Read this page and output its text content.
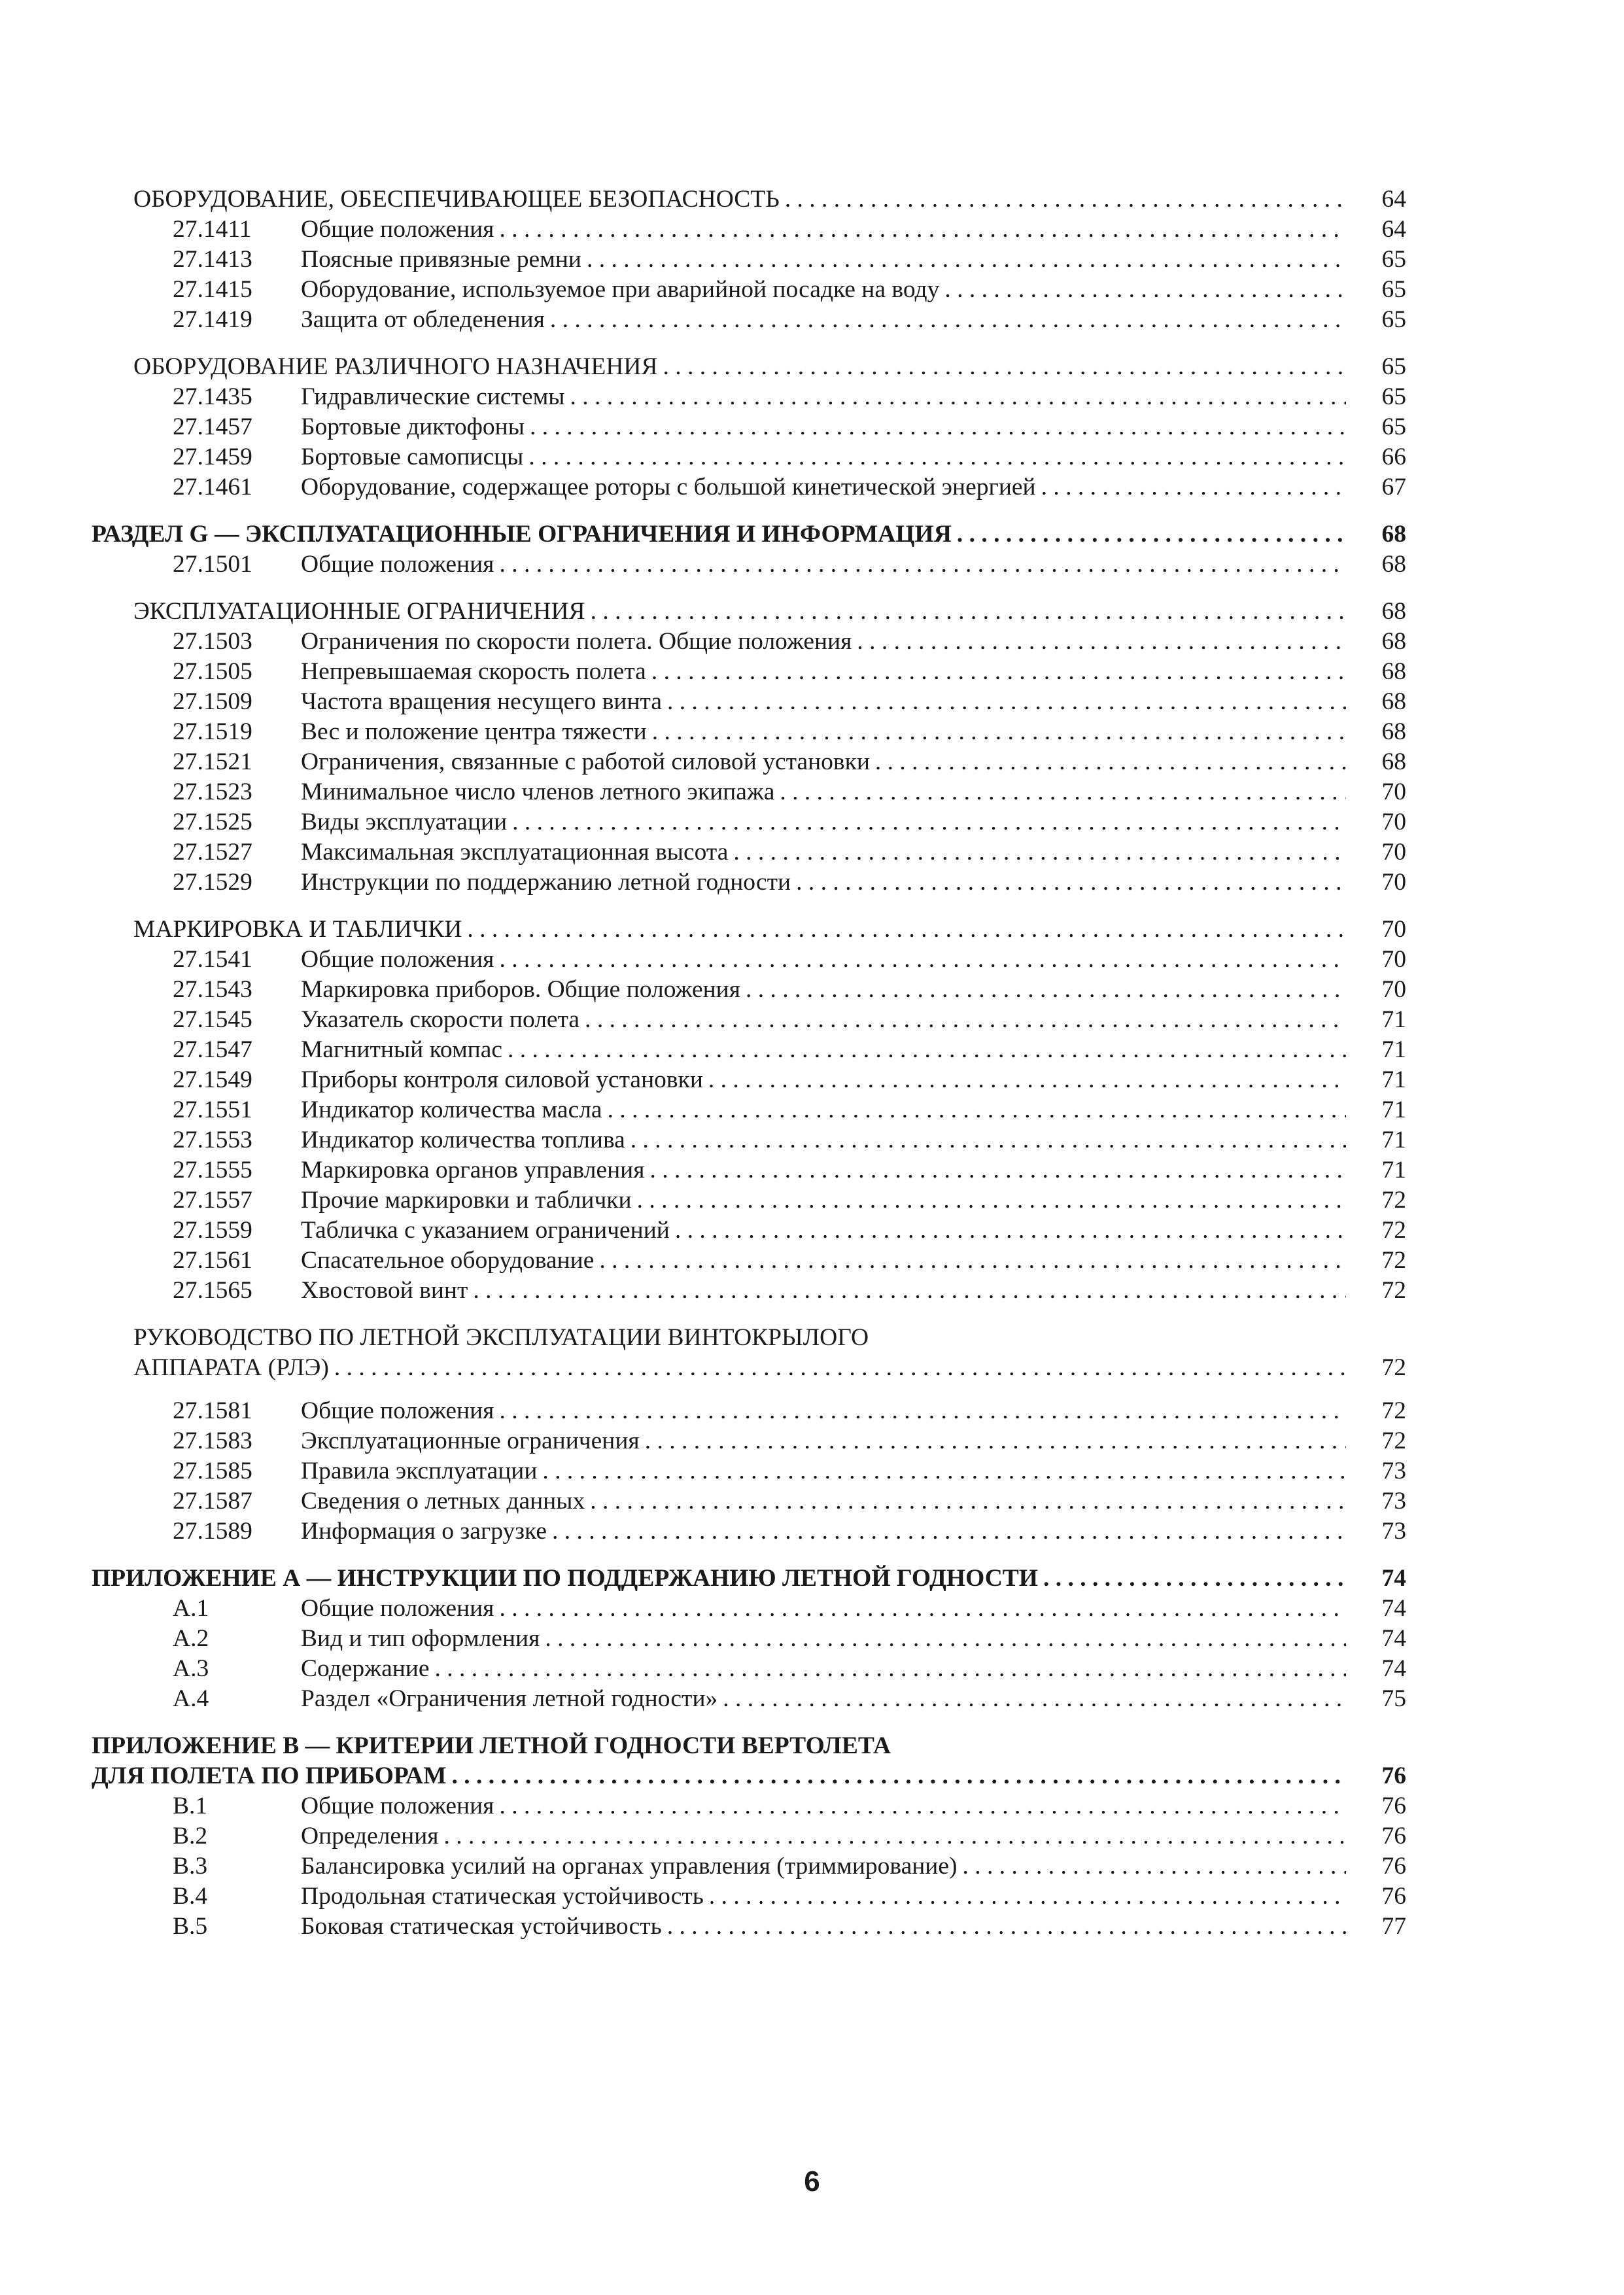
ОБОРУДОВАНИЕ, ОБЕСПЕЧИВАЮЩЕЕ БЕЗОПАСНОСТЬ . . .	64
27.1411	Общие положения . . .	64
27.1413	Поясные привязные ремни . . .	65
27.1415	Оборудование, используемое при аварийной посадке на воду . . .	65
27.1419	Защита от обледенения . . .	65
ОБОРУДОВАНИЕ РАЗЛИЧНОГО НАЗНАЧЕНИЯ . . .	65
27.1435	Гидравлические системы . . .	65
27.1457	Бортовые диктофоны . . .	65
27.1459	Бортовые самописцы . . .	66
27.1461	Оборудование, содержащее роторы с большой кинетической энергией . . .	67
РАЗДЕЛ G — ЭКСПЛУАТАЦИОННЫЕ ОГРАНИЧЕНИЯ И ИНФОРМАЦИЯ . . .	68
27.1501	Общие положения . . .	68
ЭКСПЛУАТАЦИОННЫЕ ОГРАНИЧЕНИЯ . . .	68
27.1503	Ограничения по скорости полета. Общие положения . . .	68
27.1505	Непревышаемая скорость полета . . .	68
27.1509	Частота вращения несущего винта . . .	68
27.1519	Вес и положение центра тяжести . . .	68
27.1521	Ограничения, связанные с работой силовой установки . . .	68
27.1523	Минимальное число членов летного экипажа . . .	70
27.1525	Виды эксплуатации . . .	70
27.1527	Максимальная эксплуатационная высота . . .	70
27.1529	Инструкции по поддержанию летной годности . . .	70
МАРКИРОВКА И ТАБЛИЧКИ . . .	70
27.1541	Общие положения . . .	70
27.1543	Маркировка приборов. Общие положения . . .	70
27.1545	Указатель скорости полета . . .	71
27.1547	Магнитный компас . . .	71
27.1549	Приборы контроля силовой установки . . .	71
27.1551	Индикатор количества масла . . .	71
27.1553	Индикатор количества топлива . . .	71
27.1555	Маркировка органов управления . . .	71
27.1557	Прочие маркировки и таблички . . .	72
27.1559	Табличка с указанием ограничений . . .	72
27.1561	Спасательное оборудование . . .	72
27.1565	Хвостовой винт . . .	72
РУКОВОДСТВО ПО ЛЕТНОЙ ЭКСПЛУАТАЦИИ ВИНТОКРЫЛОГО
АППАРАТА (РЛЭ) . . .	72
27.1581	Общие положения . . .	72
27.1583	Эксплуатационные ограничения . . .	72
27.1585	Правила эксплуатации . . .	73
27.1587	Сведения о летных данных . . .	73
27.1589	Информация о загрузке . . .	73
ПРИЛОЖЕНИЕ А — ИНСТРУКЦИИ ПО ПОДДЕРЖАНИЮ ЛЕТНОЙ ГОДНОСТИ . . .	74
А.1	Общие положения . . .	74
А.2	Вид и тип оформления . . .	74
А.3	Содержание . . .	74
А.4	Раздел «Ограничения летной годности» . . .	75
ПРИЛОЖЕНИЕ В — КРИТЕРИИ ЛЕТНОЙ ГОДНОСТИ ВЕРТОЛЕТА
ДЛЯ ПОЛЕТА ПО ПРИБОРАМ . . .	76
В.1	Общие положения . . .	76
В.2	Определения . . .	76
В.3	Балансировка усилий на органах управления (триммирование) . . .	76
В.4	Продольная статическая устойчивость . . .	76
В.5	Боковая статическая устойчивость . . .	77
6
